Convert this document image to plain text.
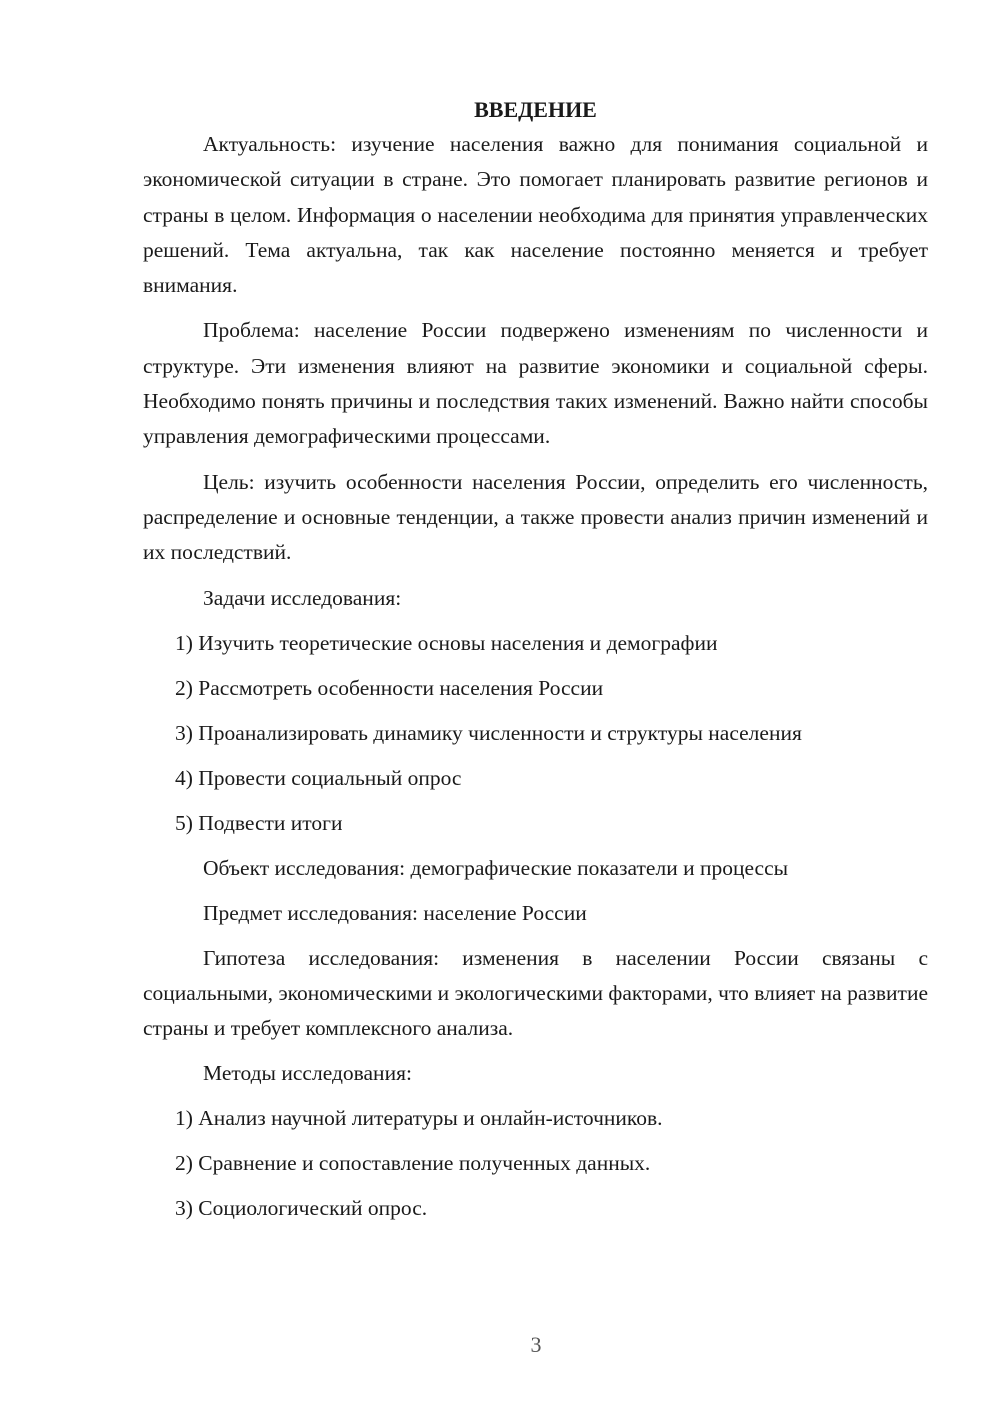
ВВЕДЕНИЕ

Актуальность: изучение населения важно для понимания социальной и экономической ситуации в стране. Это помогает планировать развитие регионов и страны в целом. Информация о населении необходима для принятия управленческих решений. Тема актуальна, так как население постоянно меняется и требует внимания.

Проблема: население России подвержено изменениям по численности и структуре. Эти изменения влияют на развитие экономики и социальной сферы. Необходимо понять причины и последствия таких изменений. Важно найти способы управления демографическими процессами.

Цель: изучить особенности населения России, определить его численность, распределение и основные тенденции, а также провести анализ причин изменений и их последствий.

Задачи исследования:

1) Изучить теоретические основы населения и демографии

2) Рассмотреть особенности населения России

3) Проанализировать динамику численности и структуры населения

4) Провести социальный опрос

5) Подвести итоги

Объект исследования: демографические показатели и процессы

Предмет исследования: население России

Гипотеза исследования: изменения в населении России связаны с социальными, экономическими и экологическими факторами, что влияет на развитие страны и требует комплексного анализа.

Методы исследования:

1) Анализ научной литературы и онлайн-источников.

2) Сравнение и сопоставление полученных данных.

3) Социологический опрос.

3
